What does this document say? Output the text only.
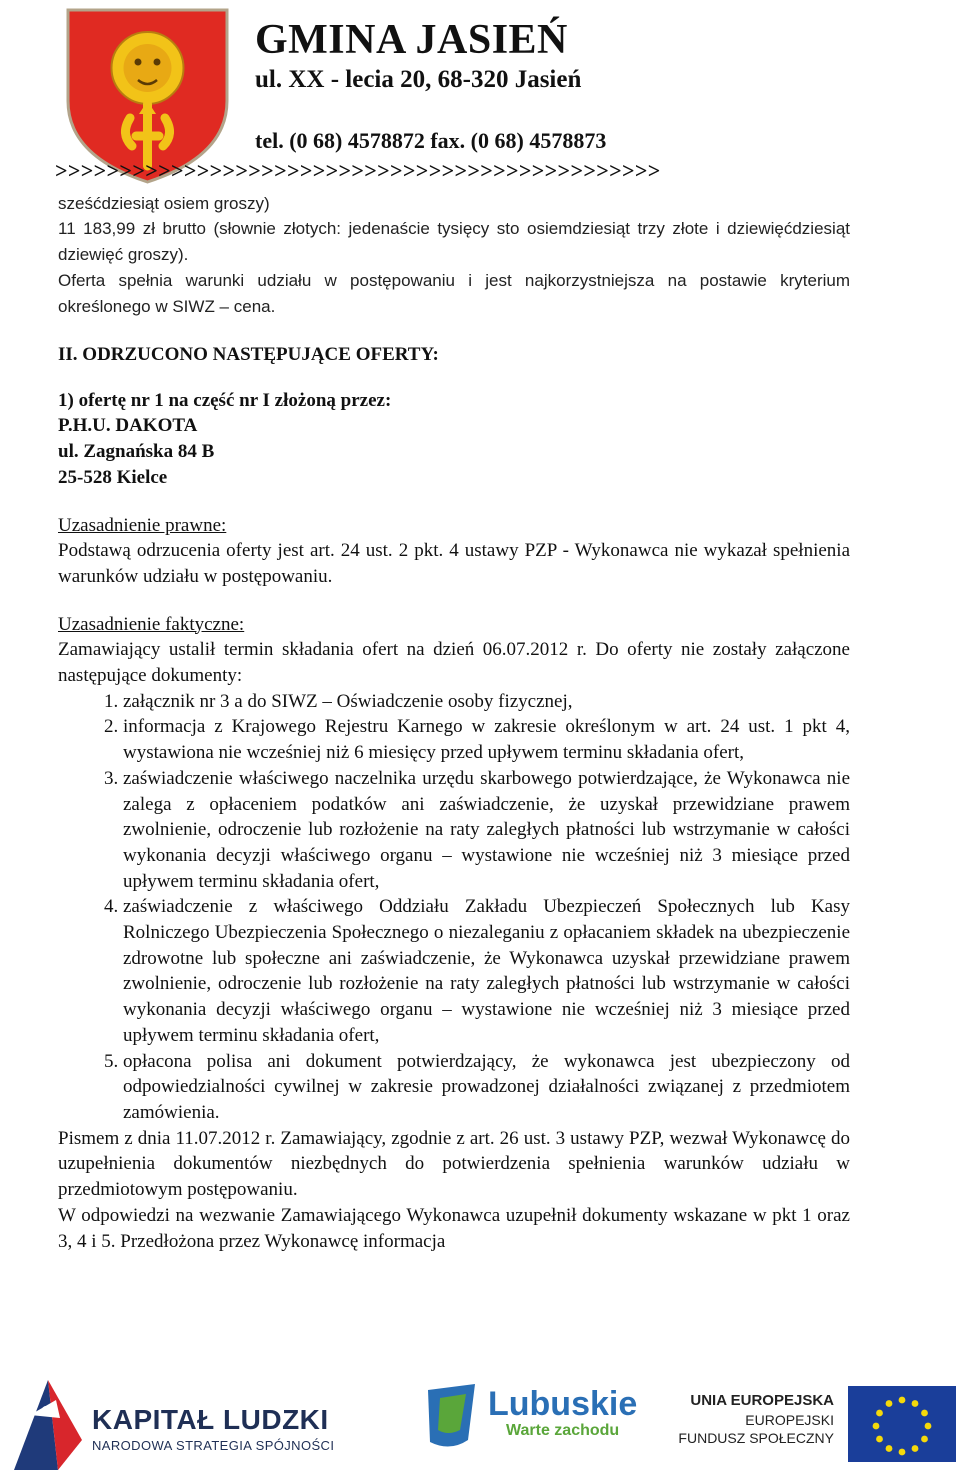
GMINA JASIEŃ
ul. XX - lecia 20, 68-320 Jasień
tel. (0 68) 4578872 fax. (0 68) 4578873
>>>>>>>>>>>>>>>>>>>>>>>>>>>>>>>>>>>>>>>>>>>>>>>

sześćdziesiąt osiem groszy)

11 183,99 zł brutto (słownie złotych: jedenaście tysięcy sto osiemdziesiąt trzy złote i dziewięćdziesiąt dziewięć groszy).

Oferta spełnia warunki udziału w postępowaniu i jest najkorzystniejsza na postawie kryterium określonego w SIWZ – cena.

II. ODRZUCONO NASTĘPUJĄCE OFERTY:

1) ofertę nr 1 na część nr I złożoną przez:

P.H.U. DAKOTA

ul. Zagnańska 84 B

25-528 Kielce

Uzasadnienie prawne:

Podstawą odrzucenia oferty jest art. 24 ust. 2 pkt. 4 ustawy PZP - Wykonawca nie wykazał spełnienia warunków udziału w postępowaniu.

Uzasadnienie faktyczne:

Zamawiający ustalił termin składania ofert na dzień 06.07.2012 r. Do oferty nie zostały załączone następujące dokumenty:

1. załącznik nr 3 a do SIWZ – Oświadczenie osoby fizycznej,
2. informacja z Krajowego Rejestru Karnego w zakresie określonym w art. 24 ust. 1 pkt 4, wystawiona nie wcześniej niż 6 miesięcy przed upływem terminu składania ofert,
3. zaświadczenie właściwego naczelnika urzędu skarbowego potwierdzające, że Wykonawca nie zalega z opłaceniem podatków ani zaświadczenie, że uzyskał przewidziane prawem zwolnienie, odroczenie lub rozłożenie na raty zaległych płatności lub wstrzymanie w całości wykonania decyzji właściwego organu – wystawione nie wcześniej niż 3 miesiące przed upływem terminu składania ofert,
4. zaświadczenie z właściwego Oddziału Zakładu Ubezpieczeń Społecznych lub Kasy Rolniczego Ubezpieczenia Społecznego o niezaleganiu z opłacaniem składek na ubezpieczenie zdrowotne lub społeczne ani zaświadczenie, że Wykonawca uzyskał przewidziane prawem zwolnienie, odroczenie lub rozłożenie na raty zaległych płatności lub wstrzymanie w całości wykonania decyzji właściwego organu – wystawione nie wcześniej niż 3 miesiące przed upływem terminu składania ofert,
5. opłacona polisa ani dokument potwierdzający, że wykonawca jest ubezpieczony od odpowiedzialności cywilnej w zakresie prowadzonej działalności związanej z przedmiotem zamówienia.

Pismem z dnia 11.07.2012 r. Zamawiający, zgodnie z art. 26 ust. 3 ustawy PZP, wezwał Wykonawcę do uzupełnienia dokumentów niezbędnych do potwierdzenia spełnienia warunków udziału w przedmiotowym postępowaniu.

W odpowiedzi na wezwanie Zamawiającego Wykonawca uzupełnił dokumenty wskazane w pkt 1 oraz 3, 4 i 5. Przedłożona przez Wykonawcę informacja

KAPITAŁ LUDZKI
NARODOWA STRATEGIA SPÓJNOŚCI
Lubuskie
Warte zachodu
UNIA EUROPEJSKA
EUROPEJSKI
FUNDUSZ SPOŁECZNY
